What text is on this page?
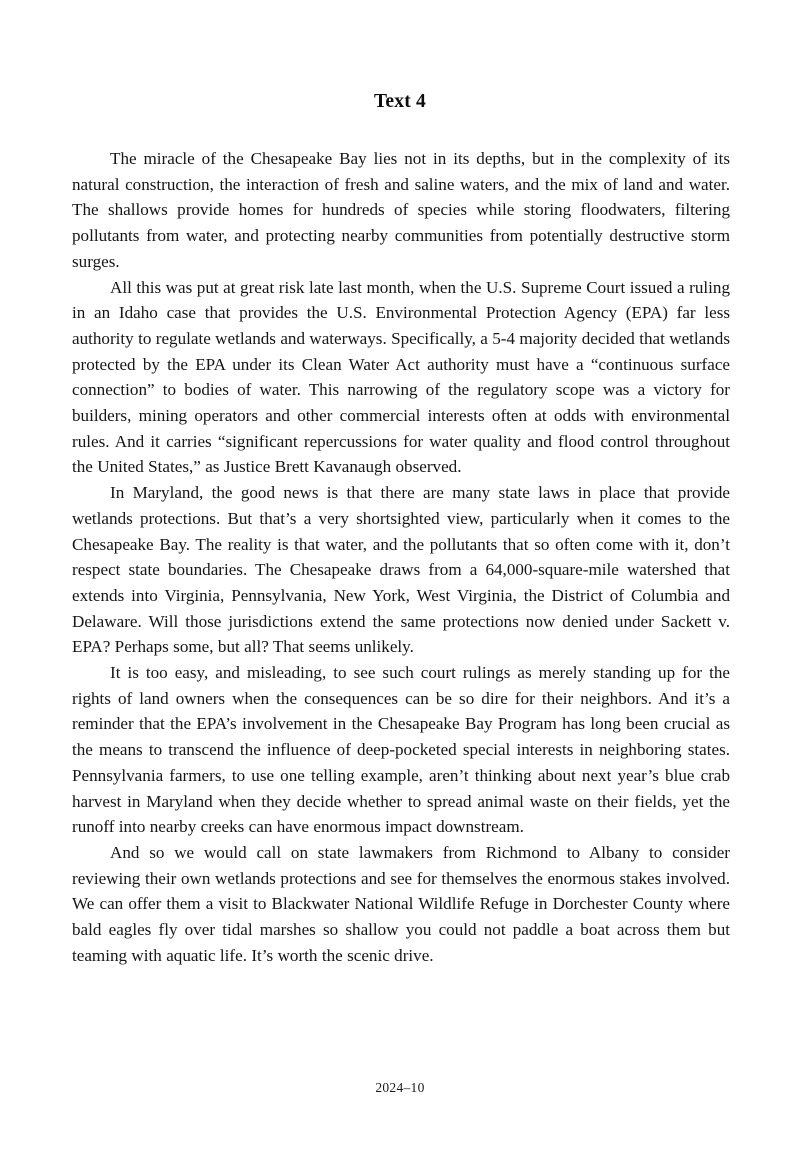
Text 4

The miracle of the Chesapeake Bay lies not in its depths, but in the complexity of its natural construction, the interaction of fresh and saline waters, and the mix of land and water. The shallows provide homes for hundreds of species while storing floodwaters, filtering pollutants from water, and protecting nearby communities from potentially destructive storm surges.

All this was put at great risk late last month, when the U.S. Supreme Court issued a ruling in an Idaho case that provides the U.S. Environmental Protection Agency (EPA) far less authority to regulate wetlands and waterways. Specifically, a 5-4 majority decided that wetlands protected by the EPA under its Clean Water Act authority must have a “continuous surface connection” to bodies of water. This narrowing of the regulatory scope was a victory for builders, mining operators and other commercial interests often at odds with environmental rules. And it carries “significant repercussions for water quality and flood control throughout the United States,” as Justice Brett Kavanaugh observed.

In Maryland, the good news is that there are many state laws in place that provide wetlands protections. But that’s a very shortsighted view, particularly when it comes to the Chesapeake Bay. The reality is that water, and the pollutants that so often come with it, don’t respect state boundaries. The Chesapeake draws from a 64,000-square-mile watershed that extends into Virginia, Pennsylvania, New York, West Virginia, the District of Columbia and Delaware. Will those jurisdictions extend the same protections now denied under Sackett v. EPA? Perhaps some, but all? That seems unlikely.

It is too easy, and misleading, to see such court rulings as merely standing up for the rights of land owners when the consequences can be so dire for their neighbors. And it’s a reminder that the EPA’s involvement in the Chesapeake Bay Program has long been crucial as the means to transcend the influence of deep-pocketed special interests in neighboring states. Pennsylvania farmers, to use one telling example, aren’t thinking about next year’s blue crab harvest in Maryland when they decide whether to spread animal waste on their fields, yet the runoff into nearby creeks can have enormous impact downstream.

And so we would call on state lawmakers from Richmond to Albany to consider reviewing their own wetlands protections and see for themselves the enormous stakes involved. We can offer them a visit to Blackwater National Wildlife Refuge in Dorchester County where bald eagles fly over tidal marshes so shallow you could not paddle a boat across them but teaming with aquatic life. It’s worth the scenic drive.

2024–10
